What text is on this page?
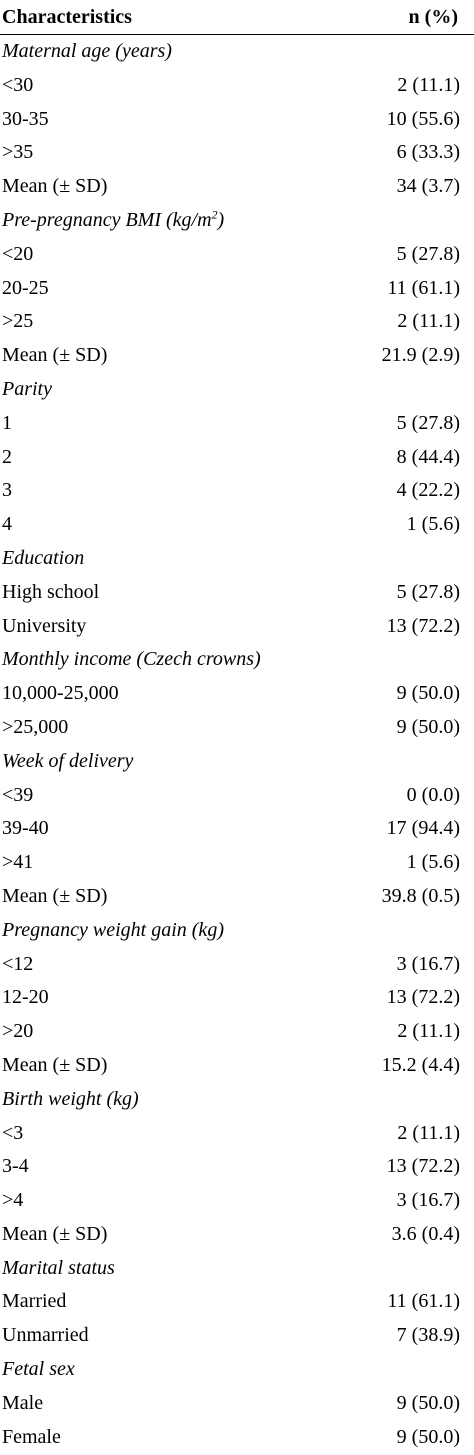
Characteristics	n (%)
Maternal age (years)
<30	2 (11.1)
30-35	10 (55.6)
>35	6 (33.3)
Mean (± SD)	34 (3.7)
Pre-pregnancy BMI $(kg/m^2)$
<20	5 (27.8)
20-25	11 (61.1)
>25	2 (11.1)
Mean (± SD)	21.9 (2.9)
Parity
1	5 (27.8)
2	8 (44.4)
3	4 (22.2)
4	1 (5.6)
Education
High school	5 (27.8)
University	13 (72.2)
Monthly income (Czech crowns)
10,000-25,000	9 (50.0)
>25,000	9 (50.0)
Week of delivery
<39	0 (0.0)
39-40	17 (94.4)
>41	1 (5.6)
Mean (± SD)	39.8 (0.5)
Pregnancy weight gain (kg)
<12	3 (16.7)
12-20	13 (72.2)
>20	2 (11.1)
Mean (± SD)	15.2 (4.4)
Birth weight (kg)
<3	2 (11.1)
3-4	13 (72.2)
>4	3 (16.7)
Mean (± SD)	3.6 (0.4)
Marital status
Married	11 (61.1)
Unmarried	7 (38.9)
Fetal sex
Male	9 (50.0)
Female	9 (50.0)
